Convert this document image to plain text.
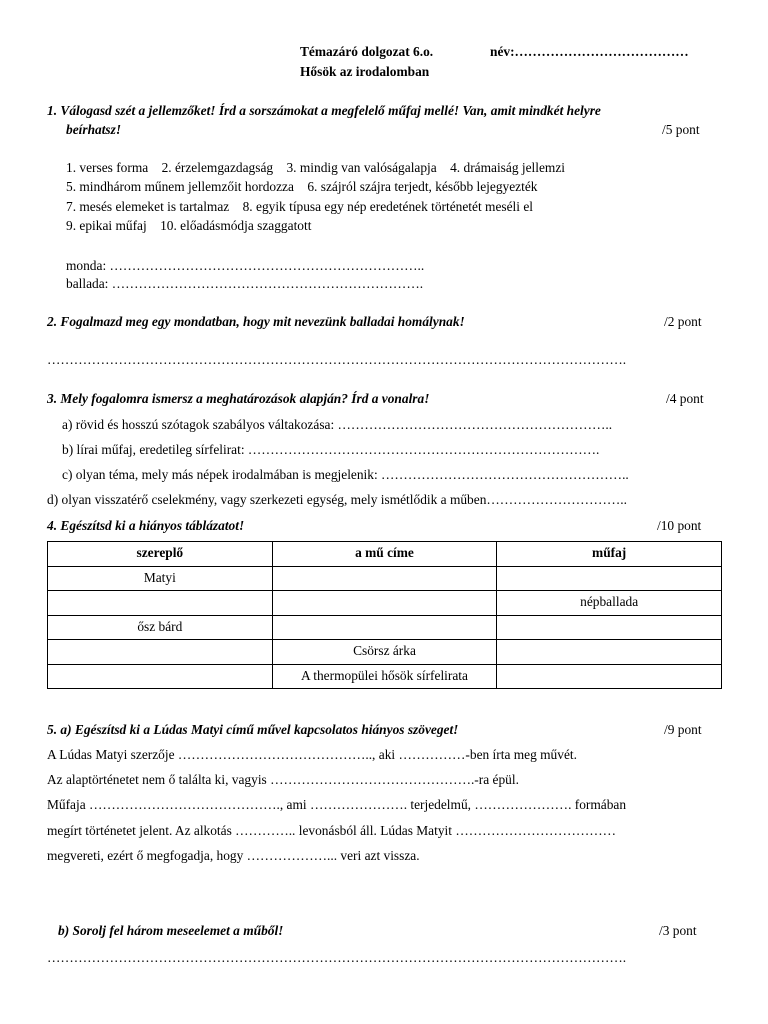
Témazáró dolgozat 6.o.	név:…………………………………
Hősök az irodalomban
1. Válogasd szét a jellemzőket! Írd a sorszámokat a megfelelő műfaj mellé! Van, amit mindkét helyre
beírhatsz!	/5 pont
1. verses forma    2. érzelemgazdagság    3. mindig van valóságalapja    4. drámaiság jellemzi
5. mindhárom műnem jellemzőit hordozza    6. szájról szájra terjedt, később lejegyezték
7. mesés elemeket is tartalmaz    8. egyik típusa egy nép eredetének történetét meséli el
9. epikai műfaj    10. előadásmódja szaggatott
monda: ……………………………………………………………..
ballada: …………………………………………………………….
2. Fogalmazd meg egy mondatban, hogy mit nevezünk balladai homálynak!	/2 pont
………………………………………………………………………………………………………………….
3. Mely fogalomra ismersz a meghatározások alapján? Írd a vonalra!	/4 pont
a) rövid és hosszú szótagok szabályos váltakozása: ……………………………………………………..
b) lírai műfaj, eredetileg sírfelirat: …………………………………………………………………….
c) olyan téma, mely más népek irodalmában is megjelenik: ………………………………………………..
d) olyan visszatérő cselekmény, vagy szerkezeti egység, mely ismétlődik a műben…………………………..
4. Egészítsd ki a hiányos táblázatot!	/10 pont
szereplő	a mű címe	műfaj
Matyi		
		népballada
ősz bárd		
	Csörsz árka	
	A thermopülei hősök sírfelirata	
5. a) Egészítsd ki a Lúdas Matyi című művel kapcsolatos hiányos szöveget!	/9 pont
A Lúdas Matyi szerzője …………………………………….., aki ……………-ben írta meg művét.
Az alaptörténetet nem ő találta ki, vagyis ……………………………………….-ra épül.
Műfaja ……………………………………., ami …………………. terjedelmű, …………………. formában
megírt történetet jelent. Az alkotás ………….. levonásból áll. Lúdas Matyit ………………………………
megvereti, ezért ő megfogadja, hogy ………………... veri azt vissza.
b) Sorolj fel három meseelemet a műből!	/3 pont
………………………………………………………………………………………………………………….
